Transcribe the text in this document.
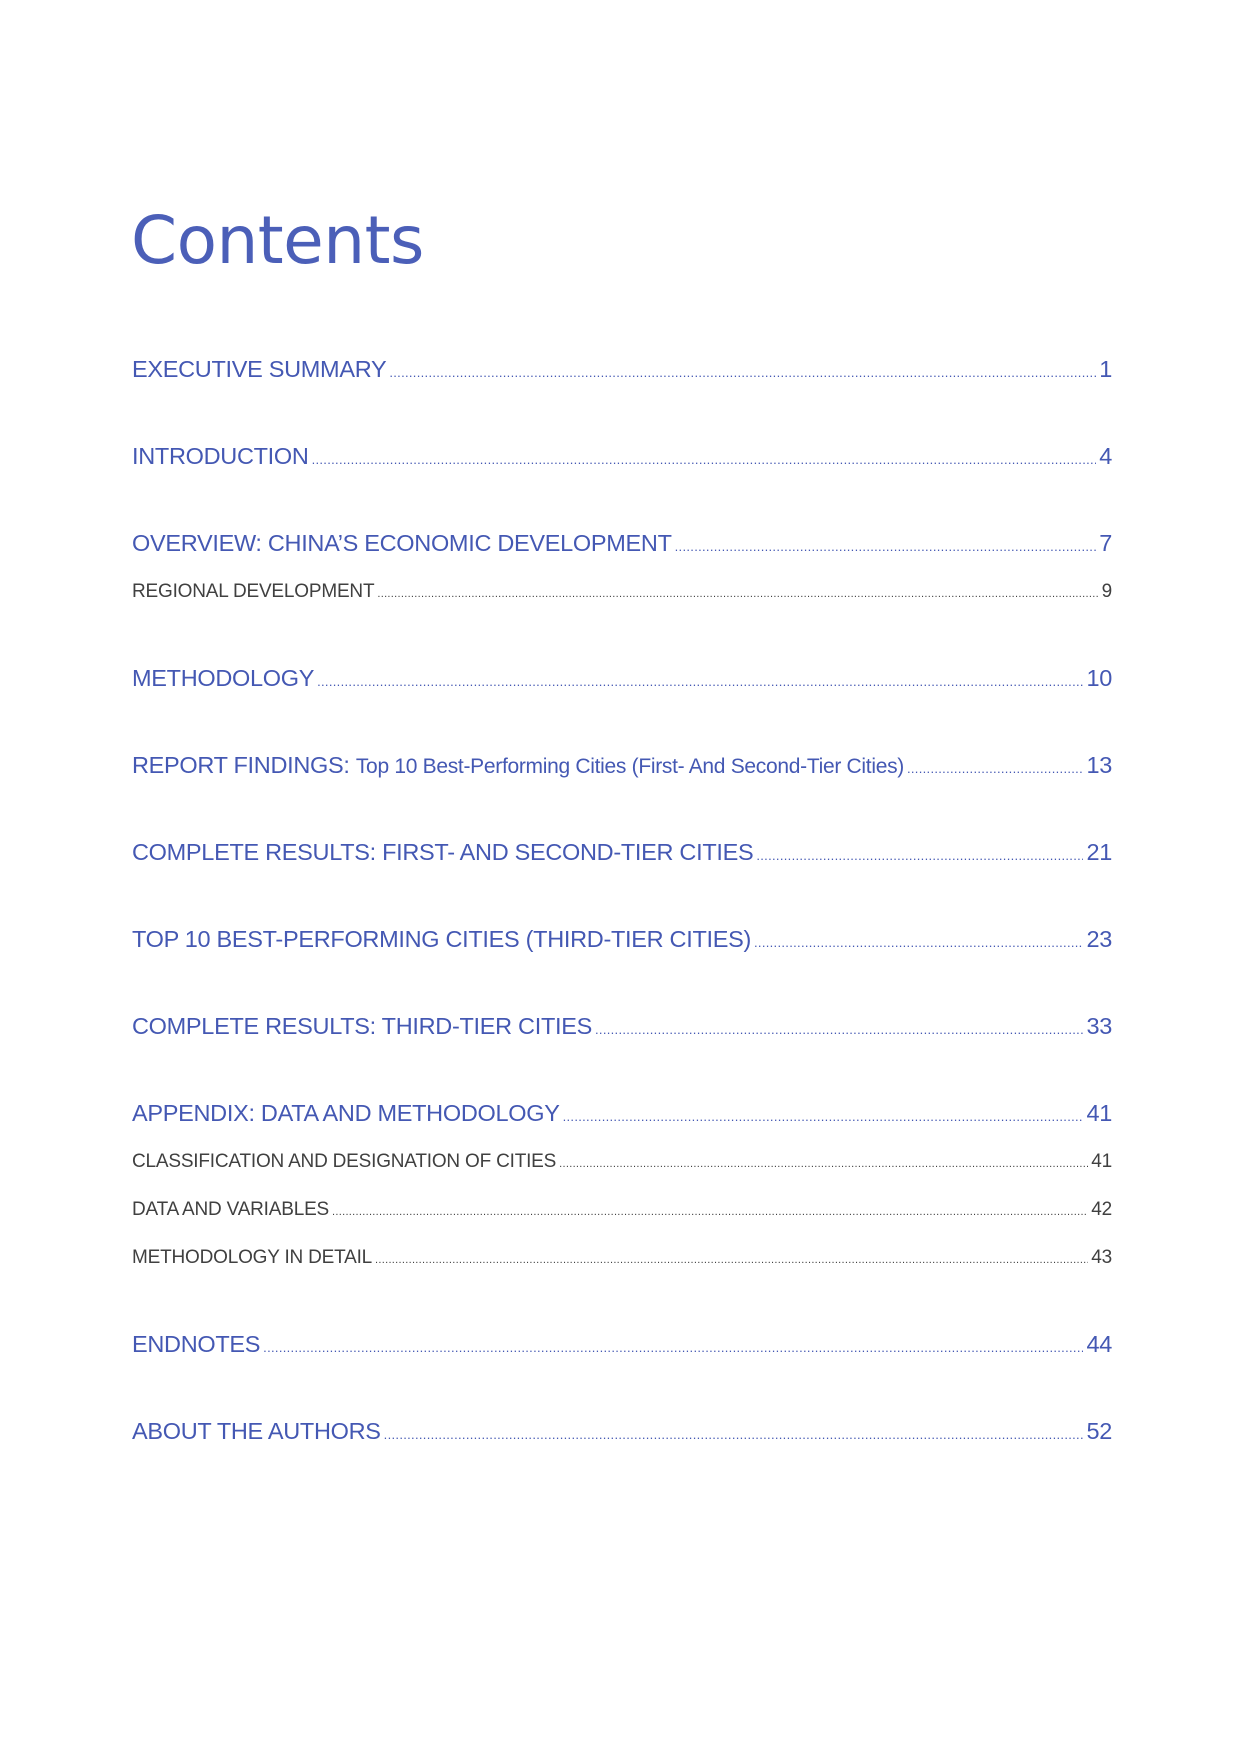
Contents
EXECUTIVE SUMMARY .....	1
INTRODUCTION .....	4
OVERVIEW: CHINA’S ECONOMIC DEVELOPMENT .....	7
REGIONAL DEVELOPMENT .....	9
METHODOLOGY .....	10
REPORT FINDINGS: Top 10 Best-Performing Cities (First- And Second-Tier Cities) .....	13
COMPLETE RESULTS: FIRST- AND SECOND-TIER CITIES .....	21
TOP 10 BEST-PERFORMING CITIES (THIRD-TIER CITIES) .....	23
COMPLETE RESULTS: THIRD-TIER CITIES .....	33
APPENDIX: DATA AND METHODOLOGY .....	41
CLASSIFICATION AND DESIGNATION OF CITIES .....	41
DATA AND VARIABLES .....	42
METHODOLOGY IN DETAIL .....	43
ENDNOTES .....	44
ABOUT THE AUTHORS .....	52
